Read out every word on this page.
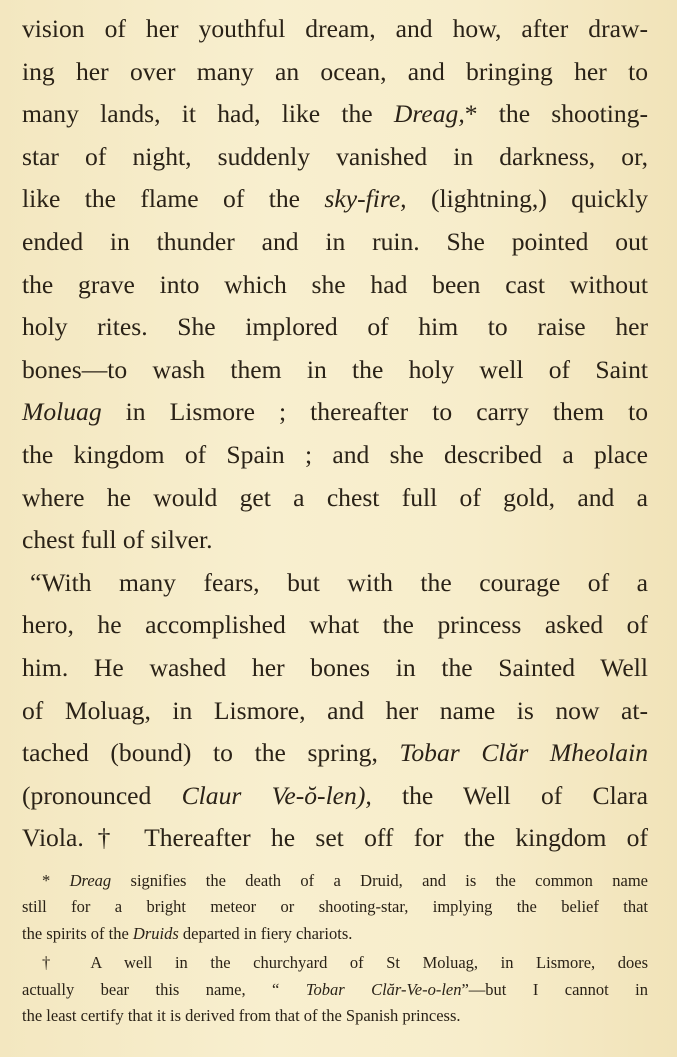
vision of her youthful dream, and how, after draw-
ing her over many an ocean, and bringing her to
many lands, it had, like the Dreag,* the shooting-
star of night, suddenly vanished in darkness, or,
like the flame of the sky-fire, (lightning,) quickly
ended in thunder and in ruin. She pointed out
the grave into which she had been cast without
holy rites. She implored of him to raise her
bones—to wash them in the holy well of Saint
Moluag in Lismore ; thereafter to carry them to
the kingdom of Spain ; and she described a place
where he would get a chest full of gold, and a
chest full of silver.
“With many fears, but with the courage of a
hero, he accomplished what the princess asked of
him. He washed her bones in the Sainted Well
of Moluag, in Lismore, and her name is now at-
tached (bound) to the spring, Tobar Clăr Mheolain
(pronounced Claur Ve-ŏ-len), the Well of Clara
Viola.† Thereafter he set off for the kingdom of
* Dreag signifies the death of a Druid, and is the common name
still for a bright meteor or shooting-star, implying the belief that
the spirits of the Druids departed in fiery chariots.
† A well in the churchyard of St Moluag, in Lismore, does
actually bear this name, “ Tobar Clăr-Ve-o-len”—but I cannot in
the least certify that it is derived from that of the Spanish princess.
